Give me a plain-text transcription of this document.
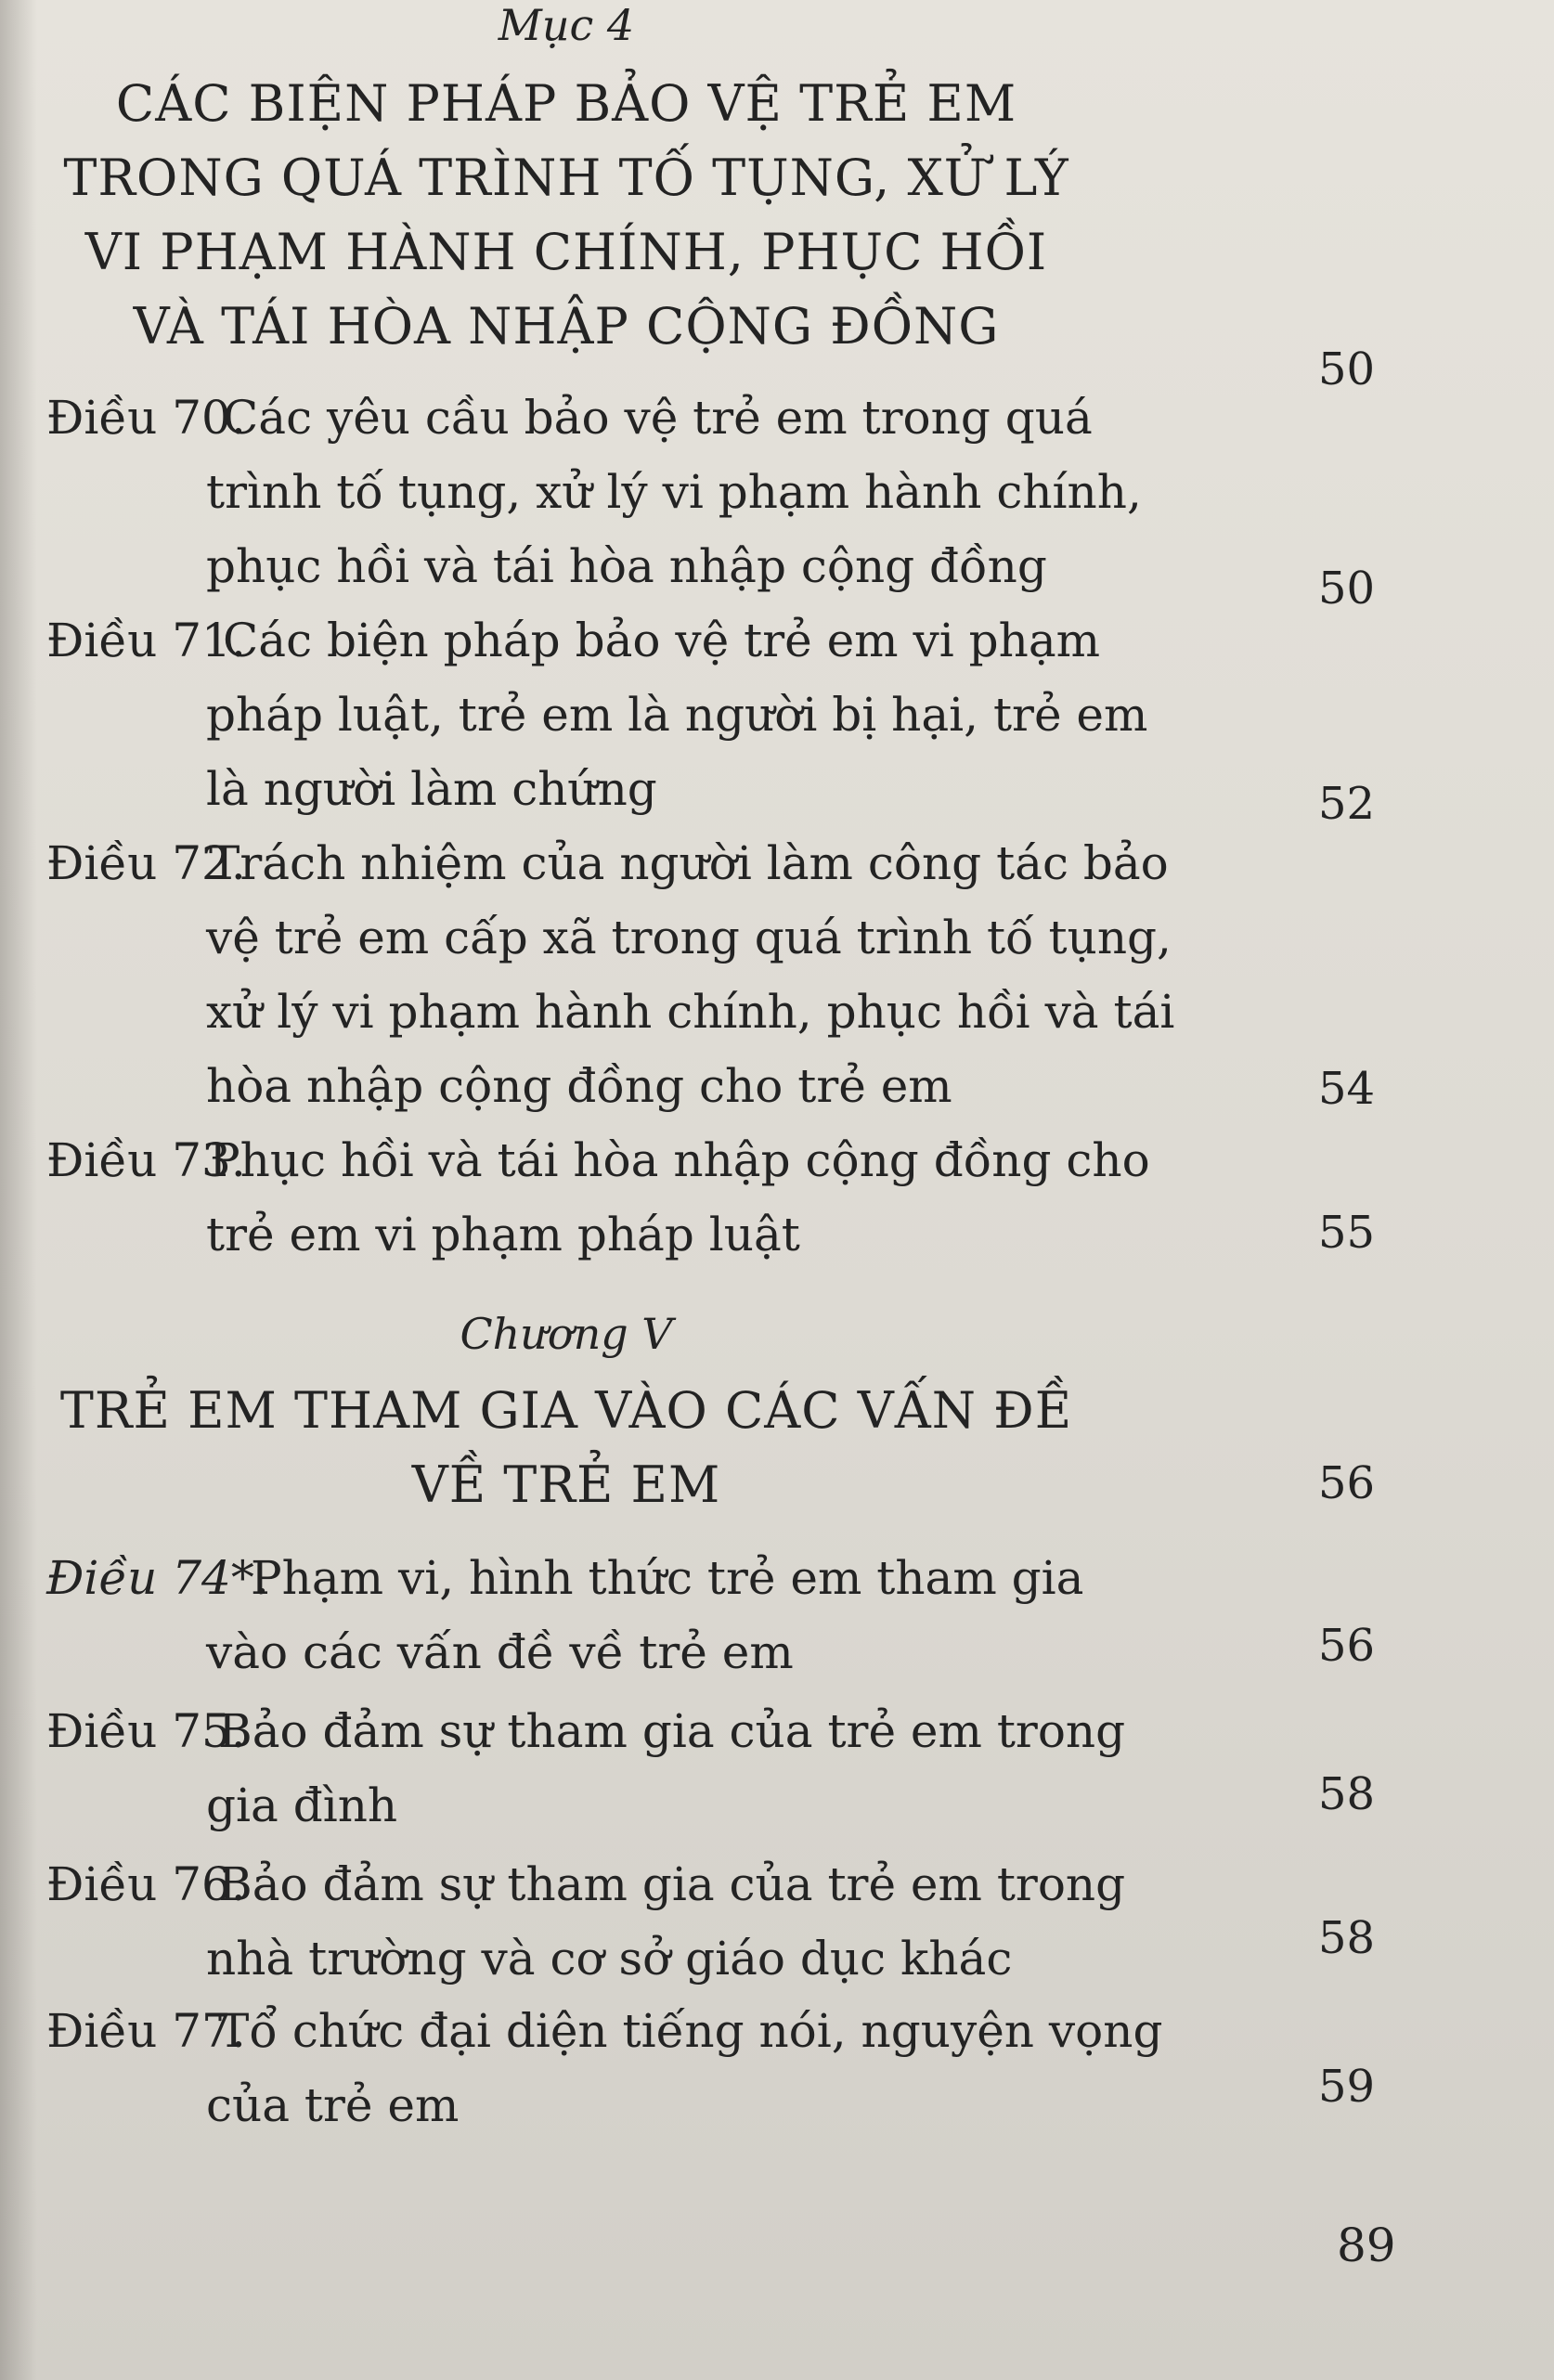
Mục 4
CÁC BIỆN PHÁP BẢO VỆ TRẺ EM
TRONG QUÁ TRÌNH TỐ TỤNG, XỬ LÝ
VI PHẠM HÀNH CHÍNH, PHỤC HỒI
VÀ TÁI HÒA NHẬP CỘNG ĐỒNG
50
Điều 70.
Các yêu cầu bảo vệ trẻ em trong quá
trình tố tụng, xử lý vi phạm hành chính,
phục hồi và tái hòa nhập cộng đồng	50
Điều 71.
Các biện pháp bảo vệ trẻ em vi phạm
pháp luật, trẻ em là người bị hại, trẻ em
là người làm chứng	52
Điều 72.
Trách nhiệm của người làm công tác bảo
vệ trẻ em cấp xã trong quá trình tố tụng,
xử lý vi phạm hành chính, phục hồi và tái
hòa nhập cộng đồng cho trẻ em	54
Điều 73.
Phục hồi và tái hòa nhập cộng đồng cho
trẻ em vi phạm pháp luật	55
Chương V
TRẺ EM THAM GIA VÀO CÁC VẤN ĐỀ
VỀ TRẺ EM	56
Điều 74*.
Phạm vi, hình thức trẻ em tham gia
vào các vấn đề về trẻ em	56
Điều 75.
Bảo đảm sự tham gia của trẻ em trong
gia đình	58
Điều 76.
Bảo đảm sự tham gia của trẻ em trong
nhà trường và cơ sở giáo dục khác	58
Điều 77.
Tổ chức đại diện tiếng nói, nguyện vọng
của trẻ em	59
89
